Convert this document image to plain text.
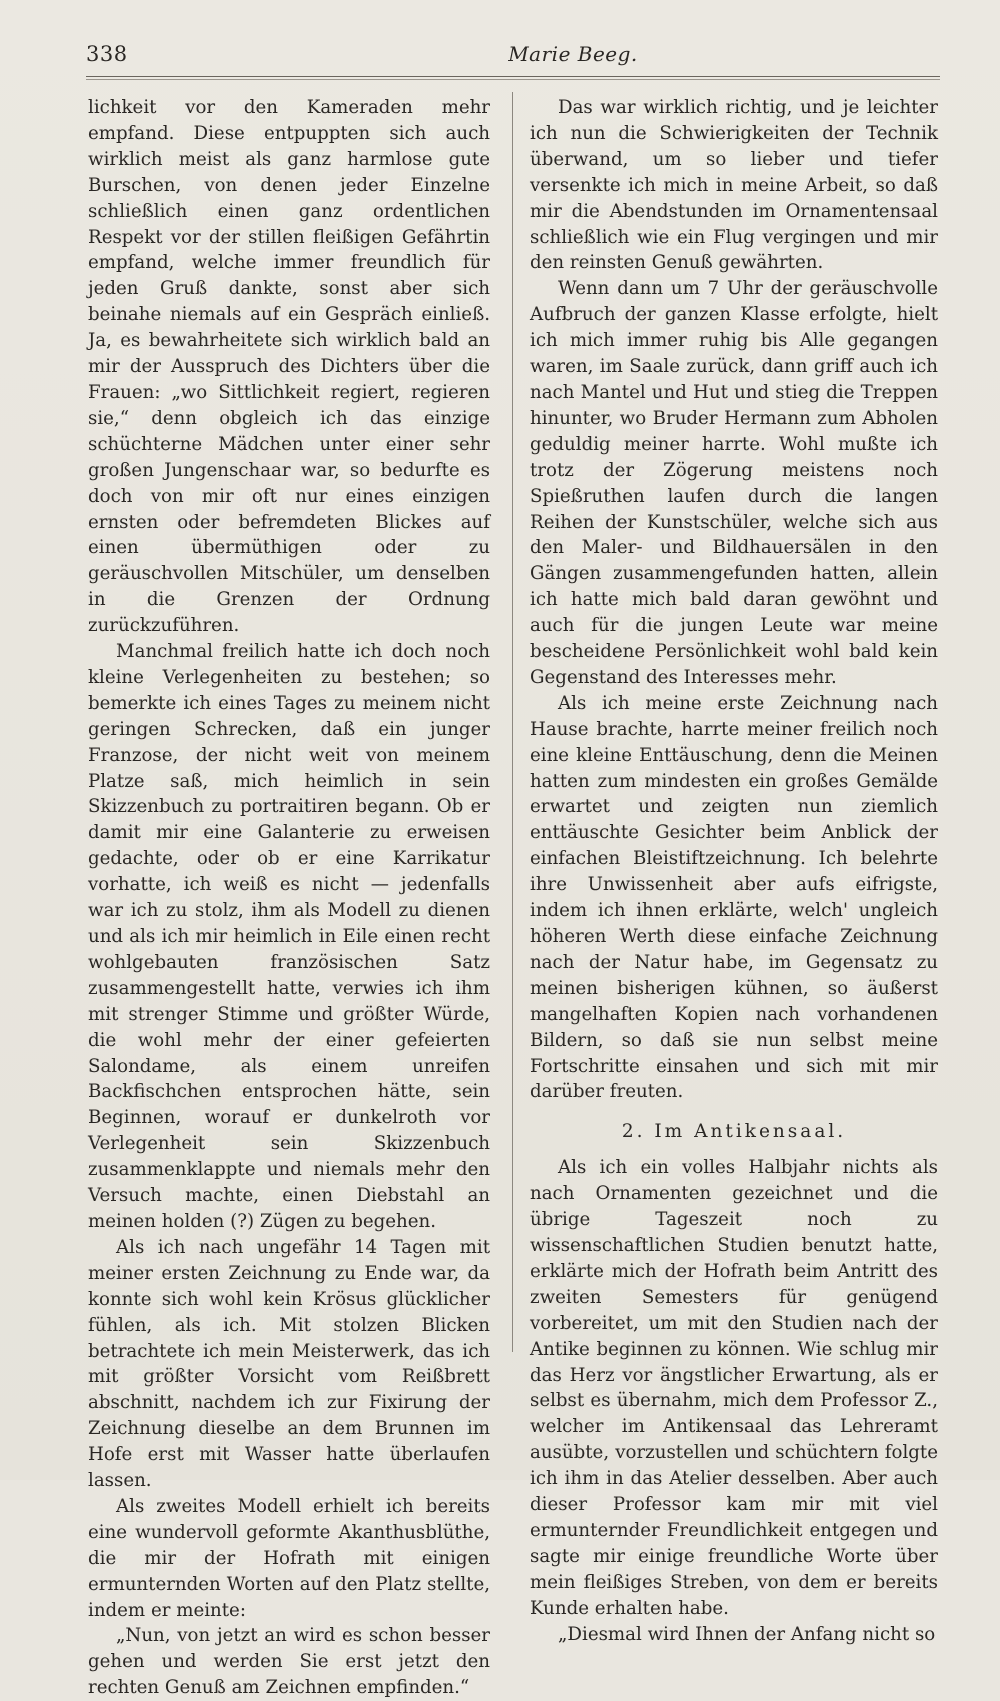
338	Marie Beeg.

lichkeit vor den Kameraden mehr empfand. Diese entpuppten sich auch wirklich meist als ganz harmlose gute Burschen, von denen jeder Einzelne schließlich einen ganz ordentlichen Respekt vor der stillen fleißigen Gefährtin empfand, welche immer freundlich für jeden Gruß dankte, sonst aber sich beinahe niemals auf ein Gespräch einließ. Ja, es bewahrheitete sich wirklich bald an mir der Ausspruch des Dichters über die Frauen: „wo Sittlichkeit regiert, regieren sie,“ denn obgleich ich das einzige schüchterne Mädchen unter einer sehr großen Jungenschaar war, so bedurfte es doch von mir oft nur eines einzigen ernsten oder befremdeten Blickes auf einen übermüthigen oder zu geräuschvollen Mitschüler, um denselben in die Grenzen der Ordnung zurückzuführen.

Manchmal freilich hatte ich doch noch kleine Verlegenheiten zu bestehen; so bemerkte ich eines Tages zu meinem nicht geringen Schrecken, daß ein junger Franzose, der nicht weit von meinem Platze saß, mich heimlich in sein Skizzenbuch zu portraitiren begann. Ob er damit mir eine Galanterie zu erweisen gedachte, oder ob er eine Karrikatur vorhatte, ich weiß es nicht — jedenfalls war ich zu stolz, ihm als Modell zu dienen und als ich mir heimlich in Eile einen recht wohlgebauten französischen Satz zusammengestellt hatte, verwies ich ihm mit strenger Stimme und größter Würde, die wohl mehr der einer gefeierten Salondame, als einem unreifen Backfischchen entsprochen hätte, sein Beginnen, worauf er dunkelroth vor Verlegenheit sein Skizzenbuch zusammenklappte und niemals mehr den Versuch machte, einen Diebstahl an meinen holden (?) Zügen zu begehen.

Als ich nach ungefähr 14 Tagen mit meiner ersten Zeichnung zu Ende war, da konnte sich wohl kein Krösus glücklicher fühlen, als ich. Mit stolzen Blicken betrachtete ich mein Meisterwerk, das ich mit größter Vorsicht vom Reißbrett abschnitt, nachdem ich zur Fixirung der Zeichnung dieselbe an dem Brunnen im Hofe erst mit Wasser hatte überlaufen lassen.

Als zweites Modell erhielt ich bereits eine wundervoll geformte Akanthusblüthe, die mir der Hofrath mit einigen ermunternden Worten auf den Platz stellte, indem er meinte:

„Nun, von jetzt an wird es schon besser gehen und werden Sie erst jetzt den rechten Genuß am Zeichnen empfinden.“

Das war wirklich richtig, und je leichter ich nun die Schwierigkeiten der Technik überwand, um so lieber und tiefer versenkte ich mich in meine Arbeit, so daß mir die Abendstunden im Ornamentensaal schließlich wie ein Flug vergingen und mir den reinsten Genuß gewährten.

Wenn dann um 7 Uhr der geräuschvolle Aufbruch der ganzen Klasse erfolgte, hielt ich mich immer ruhig bis Alle gegangen waren, im Saale zurück, dann griff auch ich nach Mantel und Hut und stieg die Treppen hinunter, wo Bruder Hermann zum Abholen geduldig meiner harrte. Wohl mußte ich trotz der Zögerung meistens noch Spießruthen laufen durch die langen Reihen der Kunstschüler, welche sich aus den Maler- und Bildhauersälen in den Gängen zusammengefunden hatten, allein ich hatte mich bald daran gewöhnt und auch für die jungen Leute war meine bescheidene Persönlichkeit wohl bald kein Gegenstand des Interesses mehr.

Als ich meine erste Zeichnung nach Hause brachte, harrte meiner freilich noch eine kleine Enttäuschung, denn die Meinen hatten zum mindesten ein großes Gemälde erwartet und zeigten nun ziemlich enttäuschte Gesichter beim Anblick der einfachen Bleistiftzeichnung. Ich belehrte ihre Unwissenheit aber aufs eifrigste, indem ich ihnen erklärte, welch' ungleich höheren Werth diese einfache Zeichnung nach der Natur habe, im Gegensatz zu meinen bisherigen kühnen, so äußerst mangelhaften Kopien nach vorhandenen Bildern, so daß sie nun selbst meine Fortschritte einsahen und sich mit mir darüber freuten.

2. Im Antikensaal.

Als ich ein volles Halbjahr nichts als nach Ornamenten gezeichnet und die übrige Tageszeit noch zu wissenschaftlichen Studien benutzt hatte, erklärte mich der Hofrath beim Antritt des zweiten Semesters für genügend vorbereitet, um mit den Studien nach der Antike beginnen zu können. Wie schlug mir das Herz vor ängstlicher Erwartung, als er selbst es übernahm, mich dem Professor Z., welcher im Antikensaal das Lehreramt ausübte, vorzustellen und schüchtern folgte ich ihm in das Atelier desselben. Aber auch dieser Professor kam mir mit viel ermunternder Freundlichkeit entgegen und sagte mir einige freundliche Worte über mein fleißiges Streben, von dem er bereits Kunde erhalten habe.

„Diesmal wird Ihnen der Anfang nicht so
